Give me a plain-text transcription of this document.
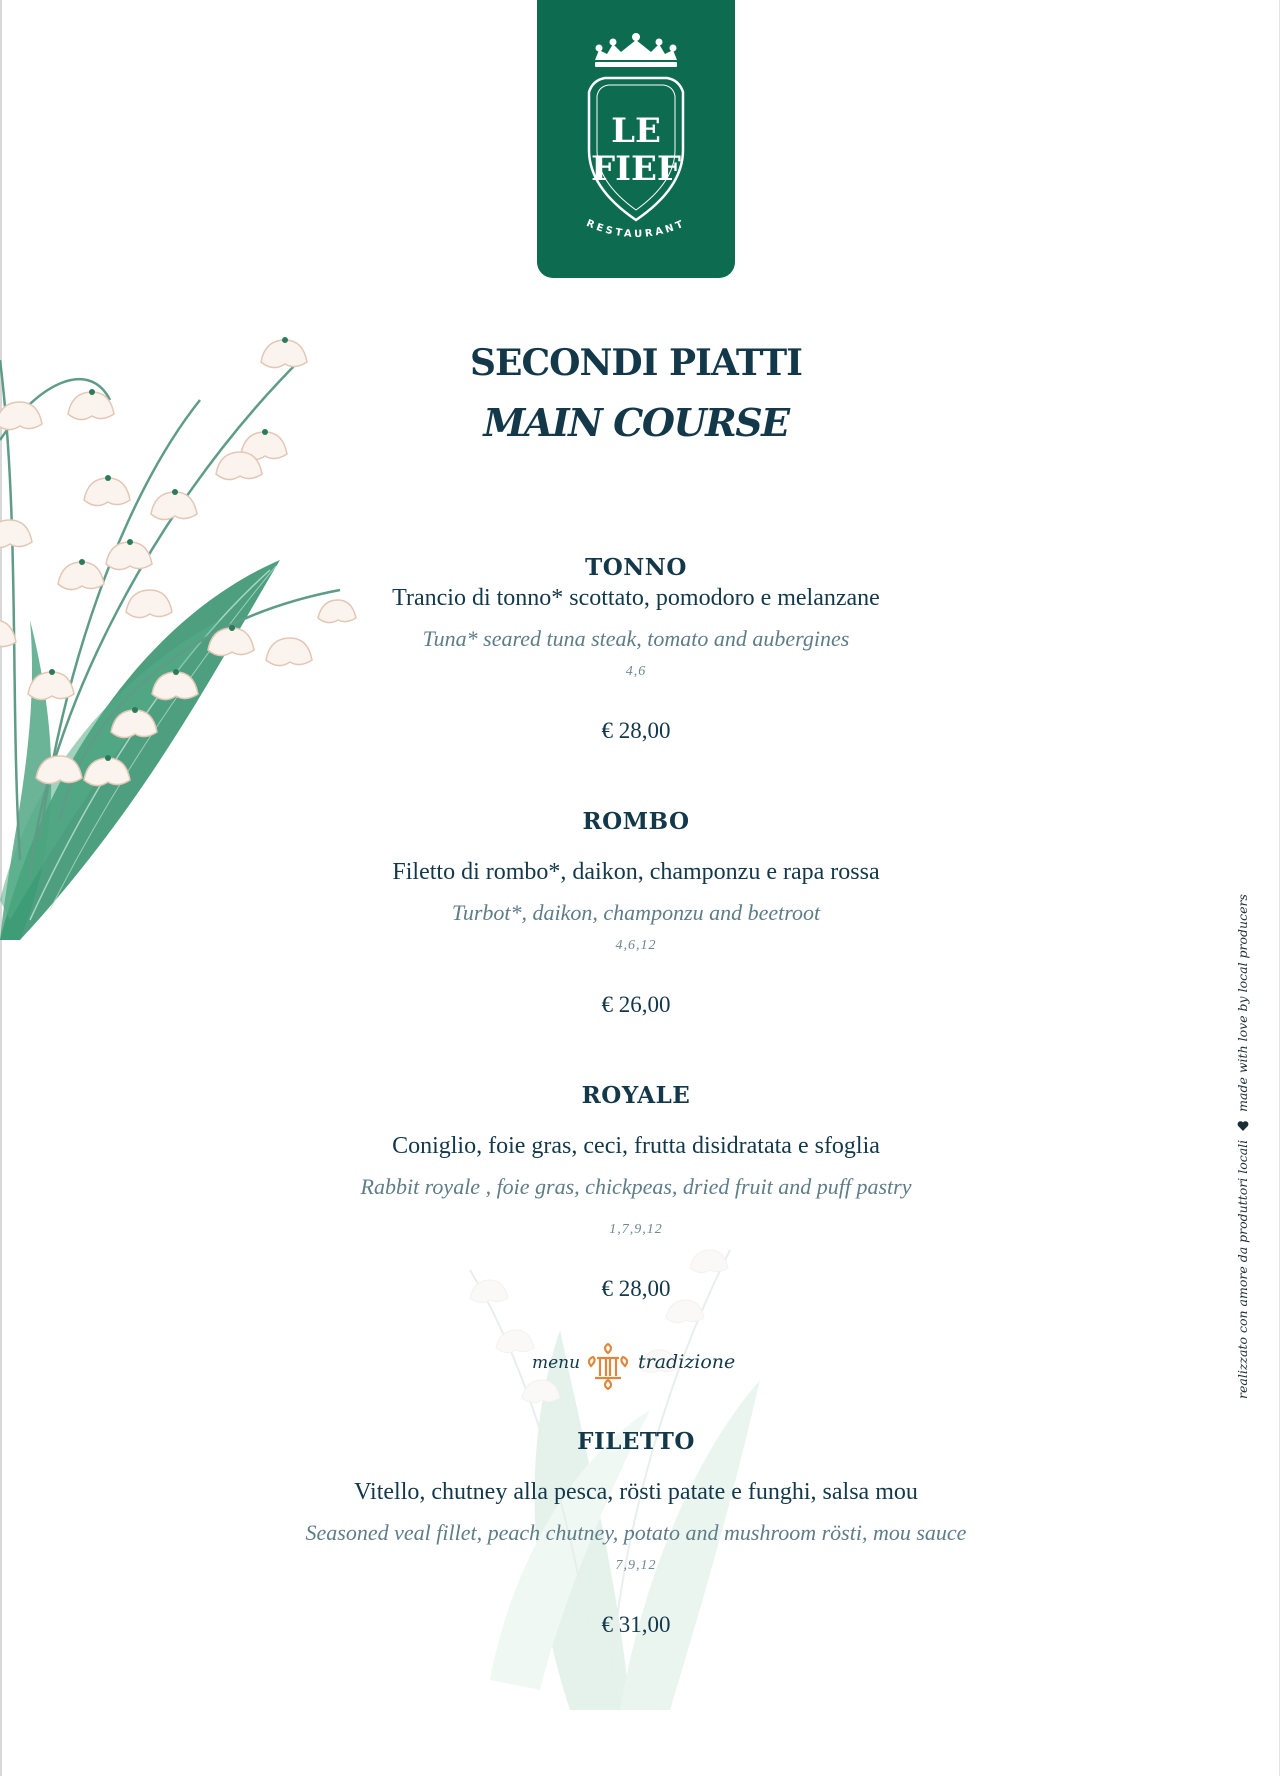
LE
FIEF
RESTAURANT
SECONDI PIATTI
MAIN COURSE
TONNO
Trancio di tonno* scottato, pomodoro e melanzane
Tuna* seared tuna steak, tomato and aubergines
4,6
€ 28,00
ROMBO
Filetto di rombo*, daikon, champonzu e rapa rossa
Turbot*, daikon, champonzu and beetroot
4,6,12
€ 26,00
ROYALE
Coniglio, foie gras, ceci, frutta disidratata e sfoglia
Rabbit royale , foie gras, chickpeas, dried fruit and puff pastry
1,7,9,12
€ 28,00
menu	tradizione
FILETTO
Vitello, chutney alla pesca, rösti patate e funghi, salsa mou
Seasoned veal fillet, peach chutney, potato and mushroom rösti, mou sauce
7,9,12
€ 31,00
realizzato con amore da produttori locali
made with love by local producers
